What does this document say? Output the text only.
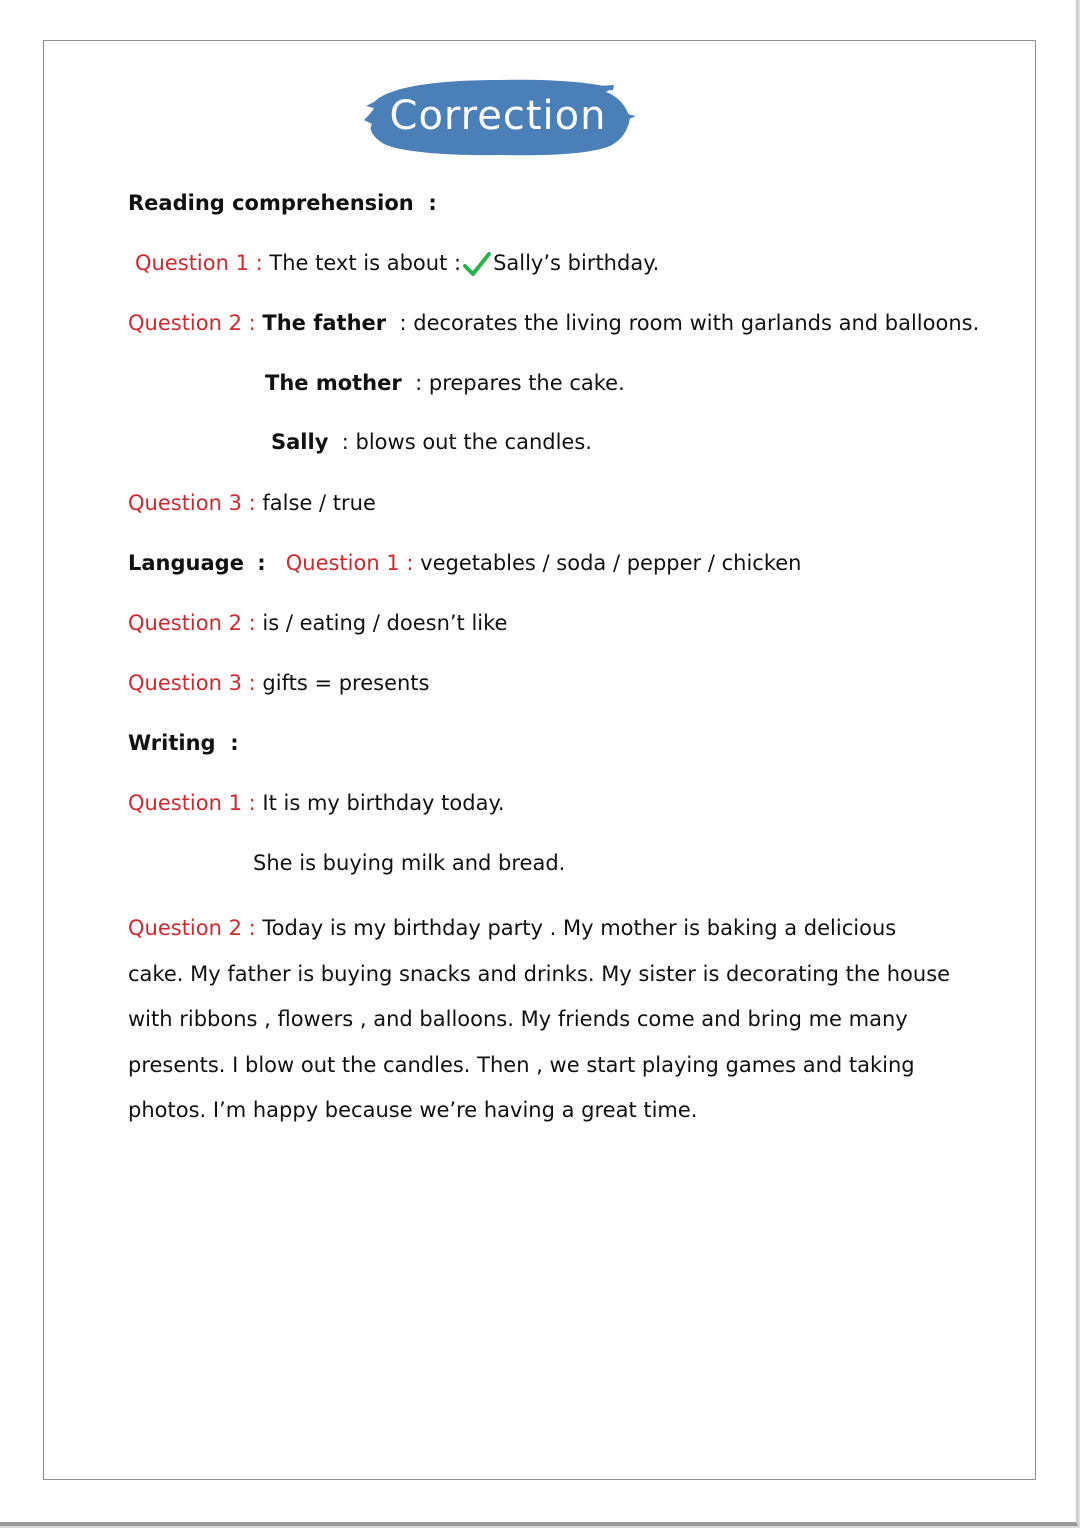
Correction
Reading comprehension :
Question 1 : The text is about : Sally’s birthday.
Question 2 : The father : decorates the living room with garlands and balloons.
The mother : prepares the cake.
Sally : blows out the candles.
Question 3 : false / true
Language : Question 1 : vegetables / soda / pepper / chicken
Question 2 : is / eating / doesn’t like
Question 3 : gifts = presents
Writing :
Question 1 : It is my birthday today.
She is buying milk and bread.
Question 2 : Today is my birthday party . My mother is baking a delicious cake. My father is buying snacks and drinks. My sister is decorating the house with ribbons , flowers , and balloons. My friends come and bring me many presents. I blow out the candles. Then , we start playing games and taking photos. I’m happy because we’re having a great time.
